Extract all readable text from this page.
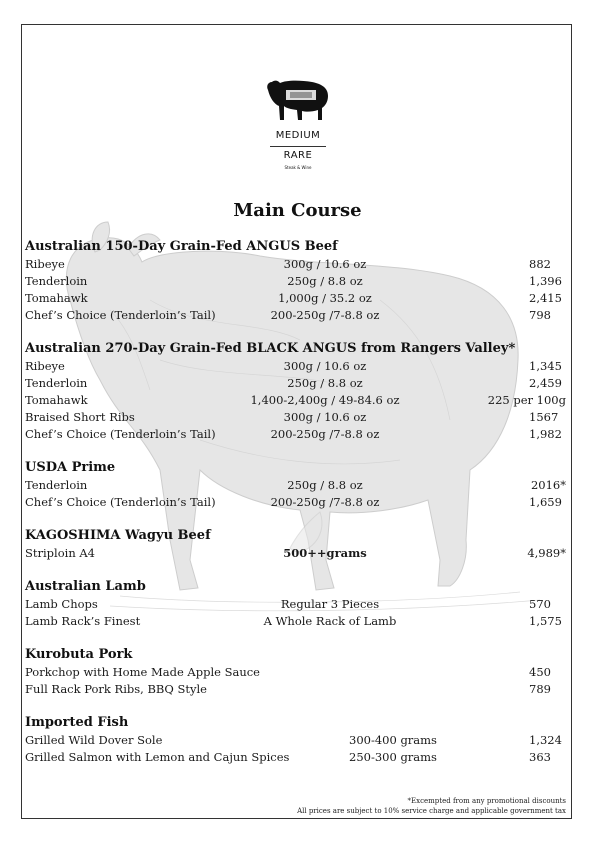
MEDIUM
RARE
Steak & Wine
Main Course
Australian 150-Day Grain-Fed ANGUS Beef
Ribeye	300g / 10.6 oz	882
Tenderloin	250g / 8.8 oz	1,396
Tomahawk	1,000g / 35.2 oz	2,415
Chef’s Choice (Tenderloin’s Tail)	200-250g /7-8.8 oz	798
Australian 270-Day Grain-Fed BLACK ANGUS from Rangers Valley*
Ribeye	300g / 10.6 oz	1,345
Tenderloin	250g / 8.8 oz	2,459
Tomahawk	1,400-2,400g / 49-84.6 oz	225 per 100g
Braised Short Ribs	300g / 10.6 oz	1567
Chef’s Choice (Tenderloin’s Tail)	200-250g /7-8.8 oz	1,982
USDA Prime
Tenderloin	250g / 8.8 oz	2016*
Chef’s Choice (Tenderloin’s Tail)	200-250g /7-8.8 oz	1,659
KAGOSHIMA Wagyu Beef
Striploin A4	500++grams	4,989*
Australian Lamb
Lamb Chops	Regular 3 Pieces	570
Lamb Rack’s Finest	A Whole Rack of Lamb	1,575
Kurobuta Pork
Porkchop with Home Made Apple Sauce	450
Full Rack Pork Ribs, BBQ Style	789
Imported Fish
Grilled Wild Dover Sole	300-400 grams	1,324
Grilled Salmon with Lemon and Cajun Spices	250-300 grams	363
*Excempted from any promotional discounts
All prices are subject to 10% service charge and applicable government tax
